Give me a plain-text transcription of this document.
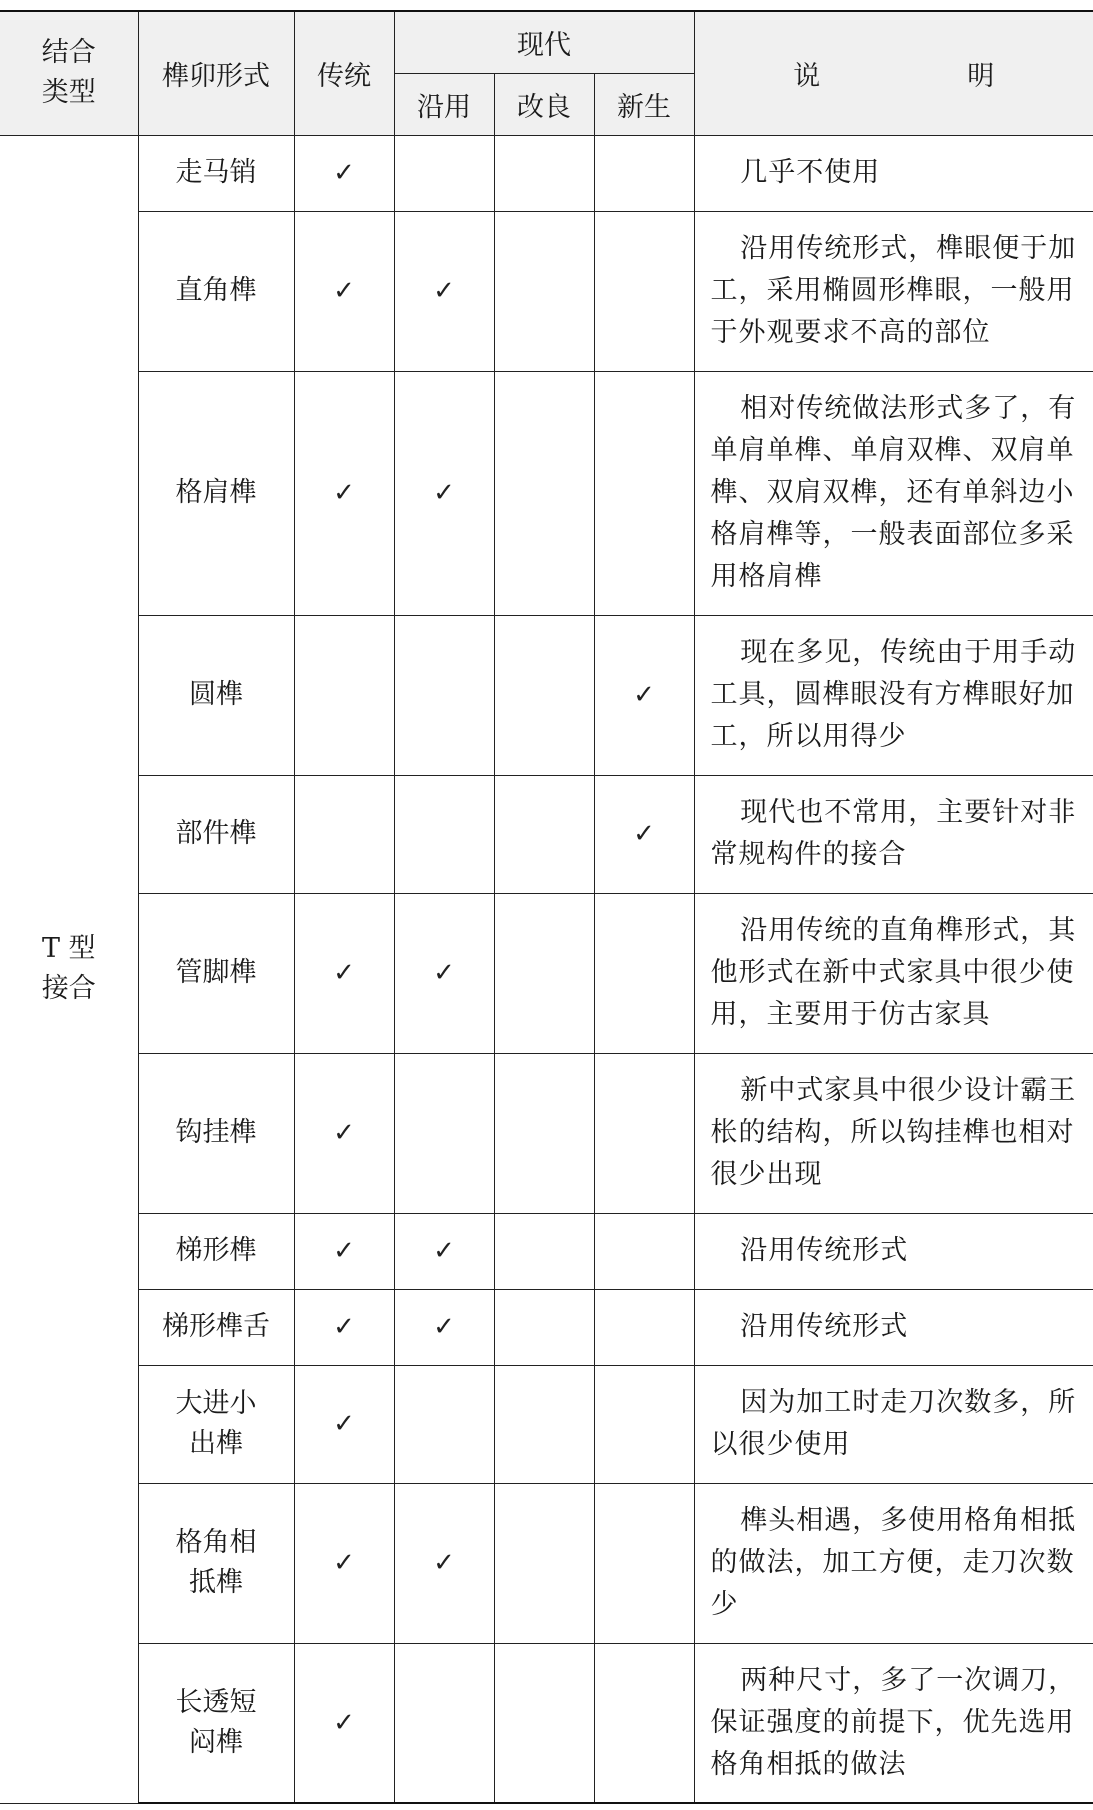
结合
类型	榫卯形式	传统	现代			说　明
			沿用	改良	新生	

T 型
接合	走马销	✓				几乎不使用

	直角榫	✓	✓			沿用传统形式，榫眼便于加工，采用椭圆形榫眼，一般用于外观要求不高的部位

	格肩榫	✓	✓			相对传统做法形式多了，有单肩单榫、单肩双榫、双肩单榫、双肩双榫，还有单斜边小格肩榫等，一般表面部位多采用格肩榫

	圆榫				✓	现在多见，传统由于用手动工具，圆榫眼没有方榫眼好加工，所以用得少

	部件榫				✓	现代也不常用，主要针对非常规构件的接合

	管脚榫	✓	✓			沿用传统的直角榫形式，其他形式在新中式家具中很少使用，主要用于仿古家具

	钩挂榫	✓				新中式家具中很少设计霸王枨的结构，所以钩挂榫也相对很少出现

	梯形榫	✓	✓			沿用传统形式

	梯形榫舌	✓	✓			沿用传统形式

	大进小
出榫	✓				因为加工时走刀次数多，所以很少使用

	格角相
抵榫	✓	✓			榫头相遇，多使用格角相抵的做法，加工方便，走刀次数少

	长透短
闷榫	✓				两种尺寸，多了一次调刀，保证强度的前提下，优先选用格角相抵的做法
